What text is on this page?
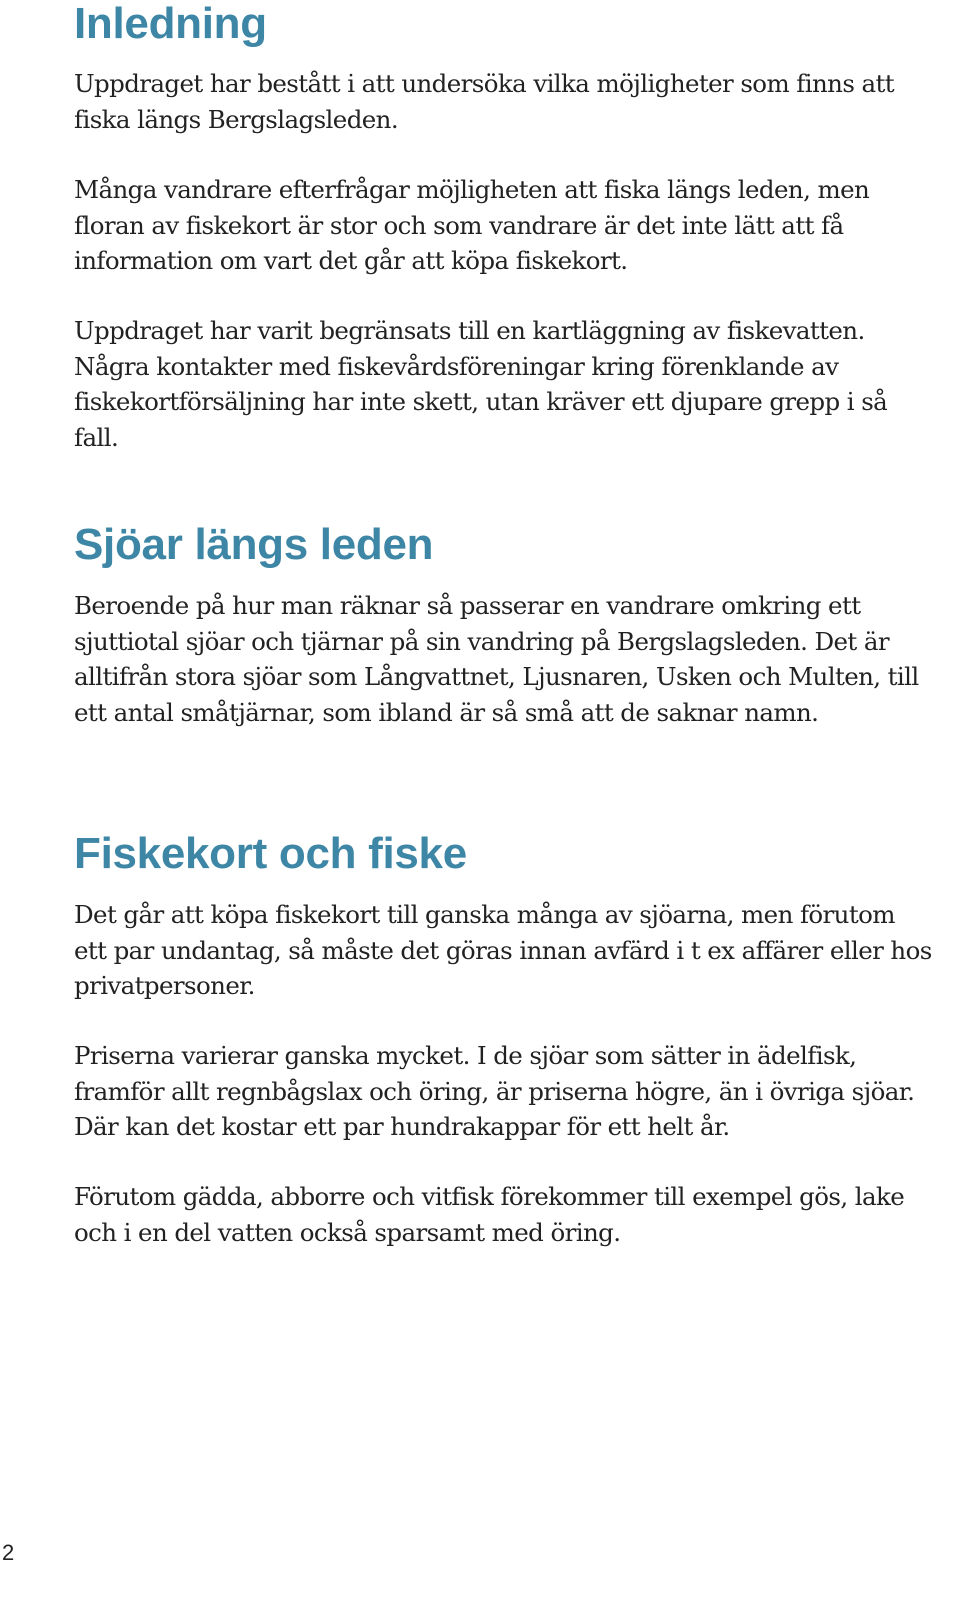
Inledning

Uppdraget har bestått i att undersöka vilka möjligheter som finns att fiska längs Bergslagsleden.

Många vandrare efterfrågar möjligheten att fiska längs leden, men floran av fiskekort är stor och som vandrare är det inte lätt att få information om vart det går att köpa fiskekort.

Uppdraget har varit begränsats till en kartläggning av fiskevatten. Några kontakter med fiskevårdsföreningar kring förenklande av fiskekortförsäljning har inte skett, utan kräver ett djupare grepp i så fall.

Sjöar längs leden

Beroende på hur man räknar så passerar en vandrare omkring ett sjuttiotal sjöar och tjärnar på sin vandring på Bergslagsleden. Det är alltifrån stora sjöar som Långvattnet, Ljusnaren, Usken och Multen, till ett antal småtjärnar, som ibland är så små att de saknar namn.

Fiskekort och fiske

Det går att köpa fiskekort till ganska många av sjöarna, men förutom ett par undantag, så måste det göras innan avfärd i t ex affärer eller hos privatpersoner.

Priserna varierar ganska mycket. I de sjöar som sätter in ädelfisk, framför allt regnbågslax och öring, är priserna högre, än i övriga sjöar. Där kan det kostar ett par hundrakappar för ett helt år.

Förutom gädda, abborre och vitfisk förekommer till exempel gös, lake och i en del vatten också sparsamt med öring.

2
